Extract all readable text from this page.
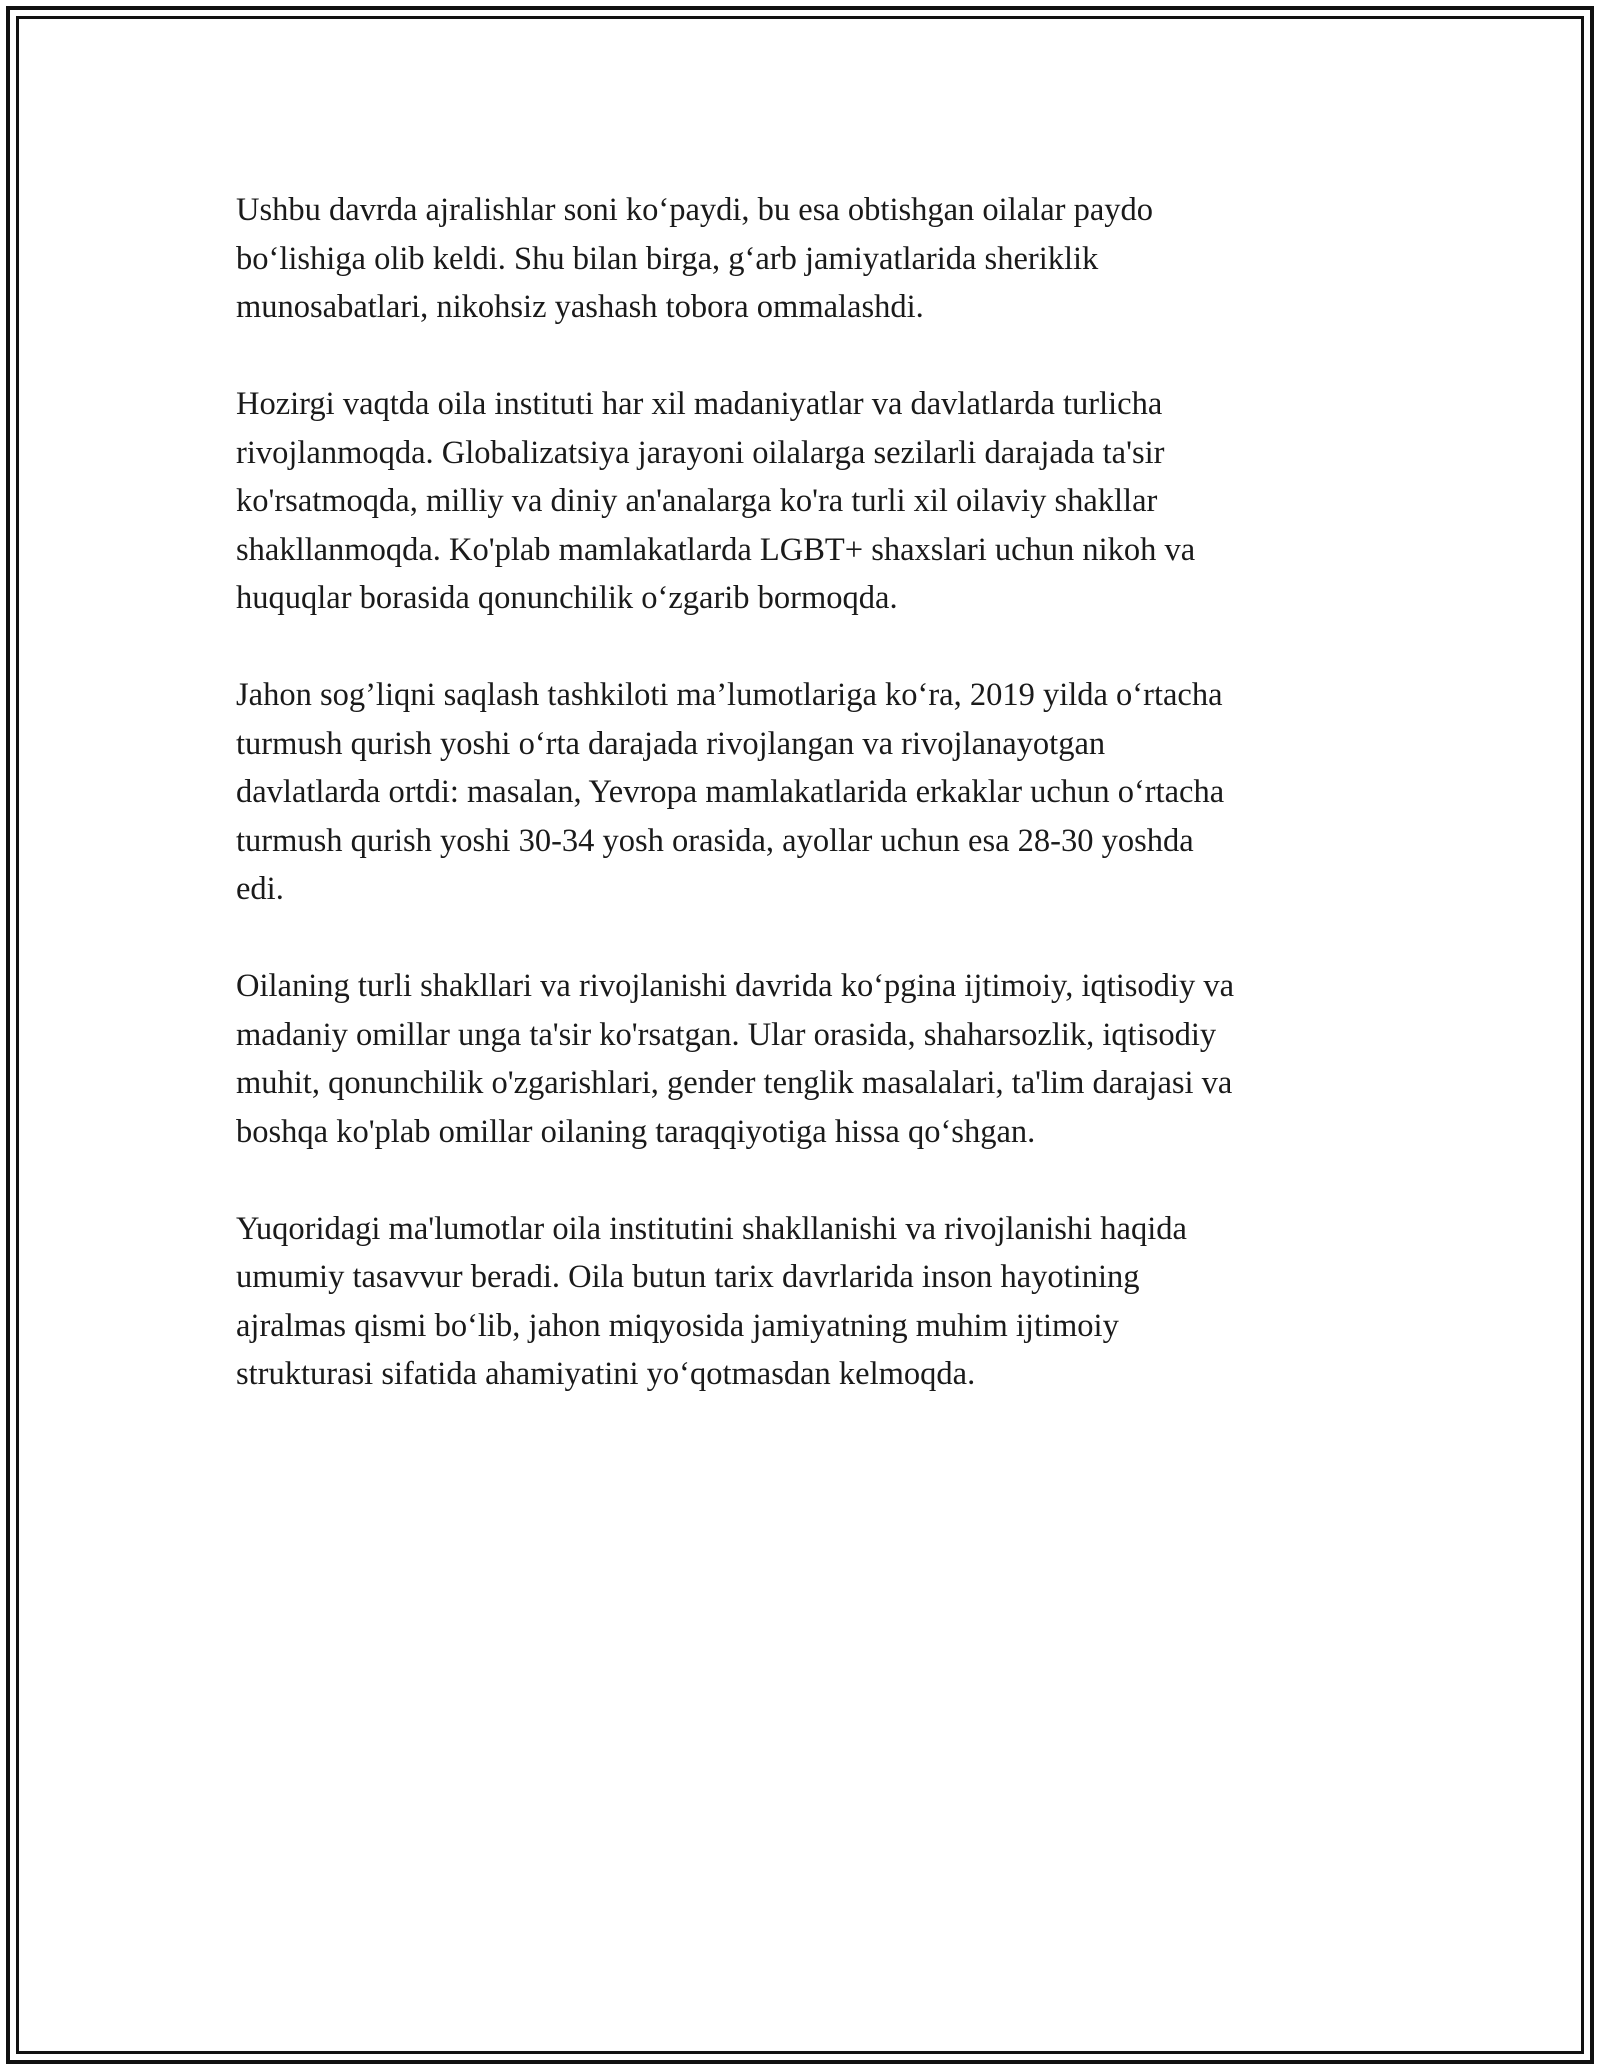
Ushbu davrda ajralishlar soni ko‘paydi, bu esa obtishgan oilalar paydo
bo‘lishiga olib keldi. Shu bilan birga, g‘arb jamiyatlarida sheriklik
munosabatlari, nikohsiz yashash tobora ommalashdi.

Hozirgi vaqtda oila instituti har xil madaniyatlar va davlatlarda turlicha
rivojlanmoqda. Globalizatsiya jarayoni oilalarga sezilarli darajada ta'sir
ko'rsatmoqda, milliy va diniy an'analarga ko'ra turli xil oilaviy shakllar
shakllanmoqda. Ko'plab mamlakatlarda LGBT+ shaxslari uchun nikoh va
huquqlar borasida qonunchilik o‘zgarib bormoqda.

Jahon sog’liqni saqlash tashkiloti ma’lumotlariga ko‘ra, 2019 yilda o‘rtacha
turmush qurish yoshi o‘rta darajada rivojlangan va rivojlanayotgan
davlatlarda ortdi: masalan, Yevropa mamlakatlarida erkaklar uchun o‘rtacha
turmush qurish yoshi 30-34 yosh orasida, ayollar uchun esa 28-30 yoshda
edi.

Oilaning turli shakllari va rivojlanishi davrida ko‘pgina ijtimoiy, iqtisodiy va
madaniy omillar unga ta'sir ko'rsatgan. Ular orasida, shaharsozlik, iqtisodiy
muhit, qonunchilik o'zgarishlari, gender tenglik masalalari, ta'lim darajasi va
boshqa ko'plab omillar oilaning taraqqiyotiga hissa qo‘shgan.

Yuqoridagi ma'lumotlar oila institutini shakllanishi va rivojlanishi haqida
umumiy tasavvur beradi. Oila butun tarix davrlarida inson hayotining
ajralmas qismi bo‘lib, jahon miqyosida jamiyatning muhim ijtimoiy
strukturasi sifatida ahamiyatini yo‘qotmasdan kelmoqda.
